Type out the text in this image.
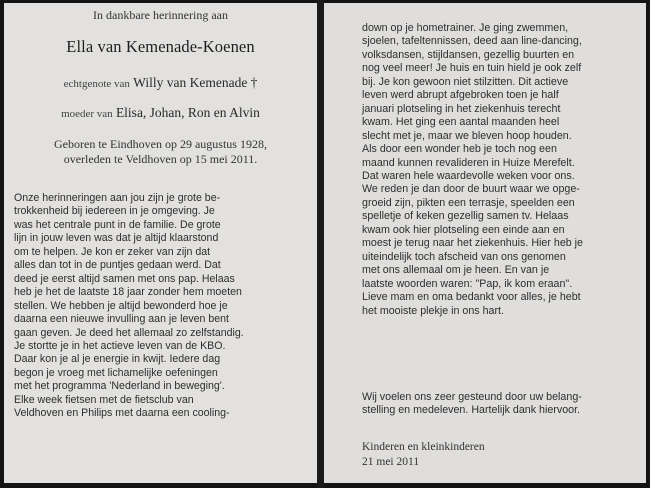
In dankbare herinnering aan
Ella van Kemenade-Koenen
echtgenote van Willy van Kemenade †
moeder van Elisa, Johan, Ron en Alvin
Geboren te Eindhoven op 29 augustus 1928,
overleden te Veldhoven op 15 mei 2011.
Onze herinneringen aan jou zijn je grote be-
trokkenheid bij iedereen in je omgeving. Je
was het centrale punt in de familie. De grote
lijn in jouw leven was dat je altijd klaarstond
om te helpen. Je kon er zeker van zijn dat
alles dan tot in de puntjes gedaan werd. Dat
deed je eerst altijd samen met ons pap. Helaas
heb je het de laatste 18 jaar zonder hem moeten
stellen. We hebben je altijd bewonderd hoe je
daarna een nieuwe invulling aan je leven bent
gaan geven. Je deed het allemaal zo zelfstandig.
Je stortte je in het actieve leven van de KBO.
Daar kon je al je energie in kwijt. Iedere dag
begon je vroeg met lichamelijke oefeningen
met het programma 'Nederland in beweging'.
Elke week fietsen met de fietsclub van
Veldhoven en Philips met daarna een cooling-
down op je hometrainer. Je ging zwemmen,
sjoelen, tafeltennissen, deed aan line-dancing,
volksdansen, stijldansen, gezellig buurten en
nog veel meer! Je huis en tuin hield je ook zelf
bij. Je kon gewoon niet stilzitten. Dit actieve
leven werd abrupt afgebroken toen je half
januari plotseling in het ziekenhuis terecht
kwam. Het ging een aantal maanden heel
slecht met je, maar we bleven hoop houden.
Als door een wonder heb je toch nog een
maand kunnen revalideren in Huize Merefelt.
Dat waren hele waardevolle weken voor ons.
We reden je dan door de buurt waar we opge-
groeid zijn, pikten een terrasje, speelden een
spelletje of keken gezellig samen tv. Helaas
kwam ook hier plotseling een einde aan en
moest je terug naar het ziekenhuis. Hier heb je
uiteindelijk toch afscheid van ons genomen
met ons allemaal om je heen. En van je
laatste woorden waren: "Pap, ik kom eraan".
Lieve mam en oma bedankt voor alles, je hebt
het mooiste plekje in ons hart.
Wij voelen ons zeer gesteund door uw belang-
stelling en medeleven. Hartelijk dank hiervoor.
Kinderen en kleinkinderen
21 mei 2011
